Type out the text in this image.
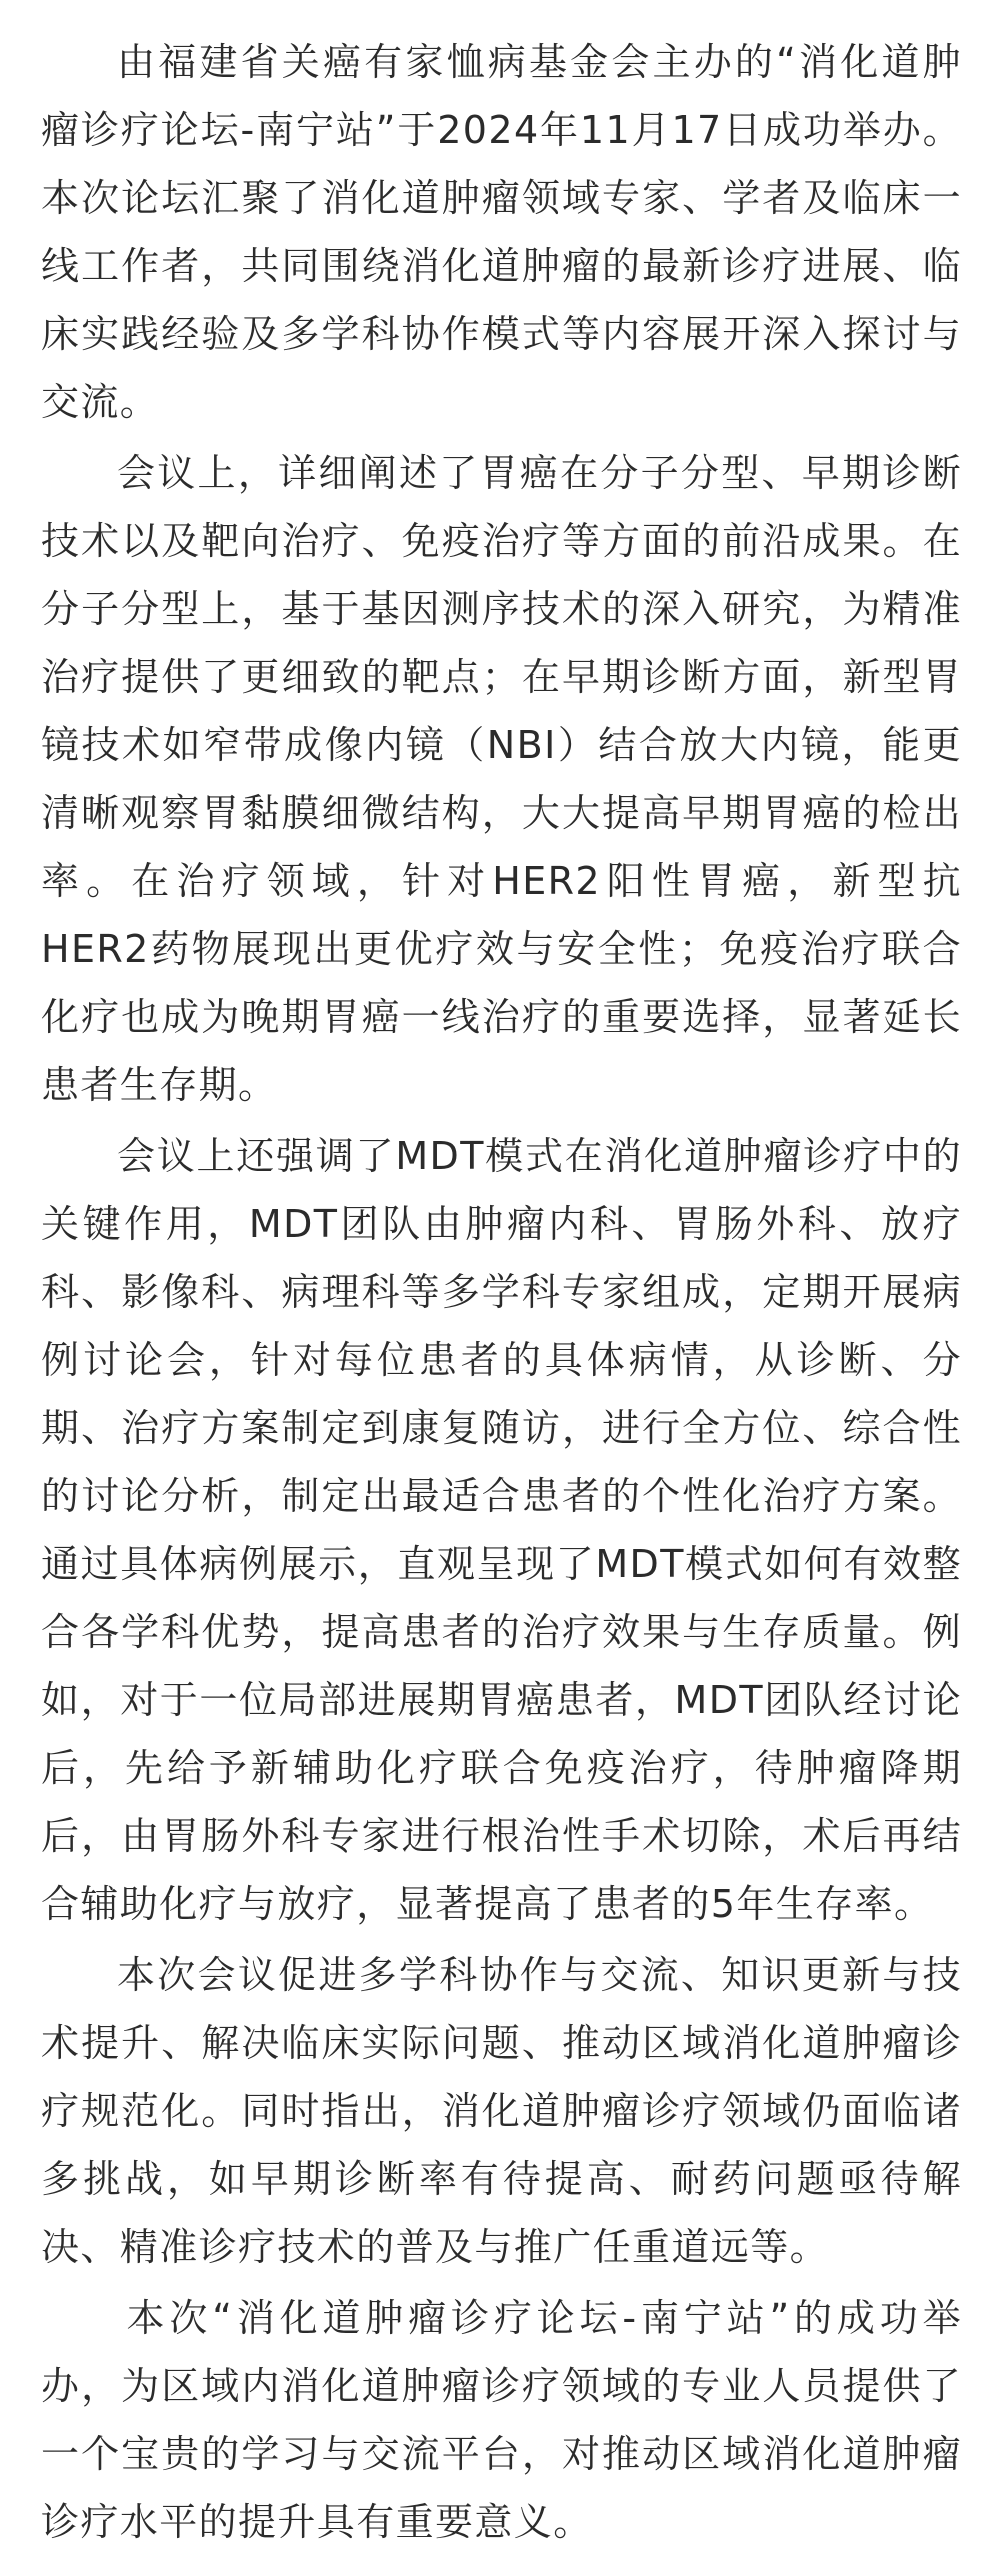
由福建省关癌有家恤病基金会主办的“消化道肿瘤诊疗论坛-南宁站”于2024年11月17日成功举办。本次论坛汇聚了消化道肿瘤领域专家、学者及临床一线工作者，共同围绕消化道肿瘤的最新诊疗进展、临床实践经验及多学科协作模式等内容展开深入探讨与交流。

会议上，详细阐述了胃癌在分子分型、早期诊断技术以及靶向治疗、免疫治疗等方面的前沿成果。在分子分型上，基于基因测序技术的深入研究，为精准治疗提供了更细致的靶点；在早期诊断方面，新型胃镜技术如窄带成像内镜（NBI）结合放大内镜，能更清晰观察胃黏膜细微结构，大大提高早期胃癌的检出率。在治疗领域，针对HER2阳性胃癌，新型抗HER2药物展现出更优疗效与安全性；免疫治疗联合化疗也成为晚期胃癌一线治疗的重要选择，显著延长患者生存期。

会议上还强调了MDT模式在消化道肿瘤诊疗中的关键作用，MDT团队由肿瘤内科、胃肠外科、放疗科、影像科、病理科等多学科专家组成，定期开展病例讨论会，针对每位患者的具体病情，从诊断、分期、治疗方案制定到康复随访，进行全方位、综合性的讨论分析，制定出最适合患者的个性化治疗方案。通过具体病例展示，直观呈现了MDT模式如何有效整合各学科优势，提高患者的治疗效果与生存质量。例如，对于一位局部进展期胃癌患者，MDT团队经讨论后，先给予新辅助化疗联合免疫治疗，待肿瘤降期后，由胃肠外科专家进行根治性手术切除，术后再结合辅助化疗与放疗，显著提高了患者的5年生存率。

本次会议促进多学科协作与交流、知识更新与技术提升、解决临床实际问题、推动区域消化道肿瘤诊疗规范化。同时指出，消化道肿瘤诊疗领域仍面临诸多挑战，如早期诊断率有待提高、耐药问题亟待解决、精准诊疗技术的普及与推广任重道远等。

本次“消化道肿瘤诊疗论坛-南宁站”的成功举办，为区域内消化道肿瘤诊疗领域的专业人员提供了一个宝贵的学习与交流平台，对推动区域消化道肿瘤诊疗水平的提升具有重要意义。
